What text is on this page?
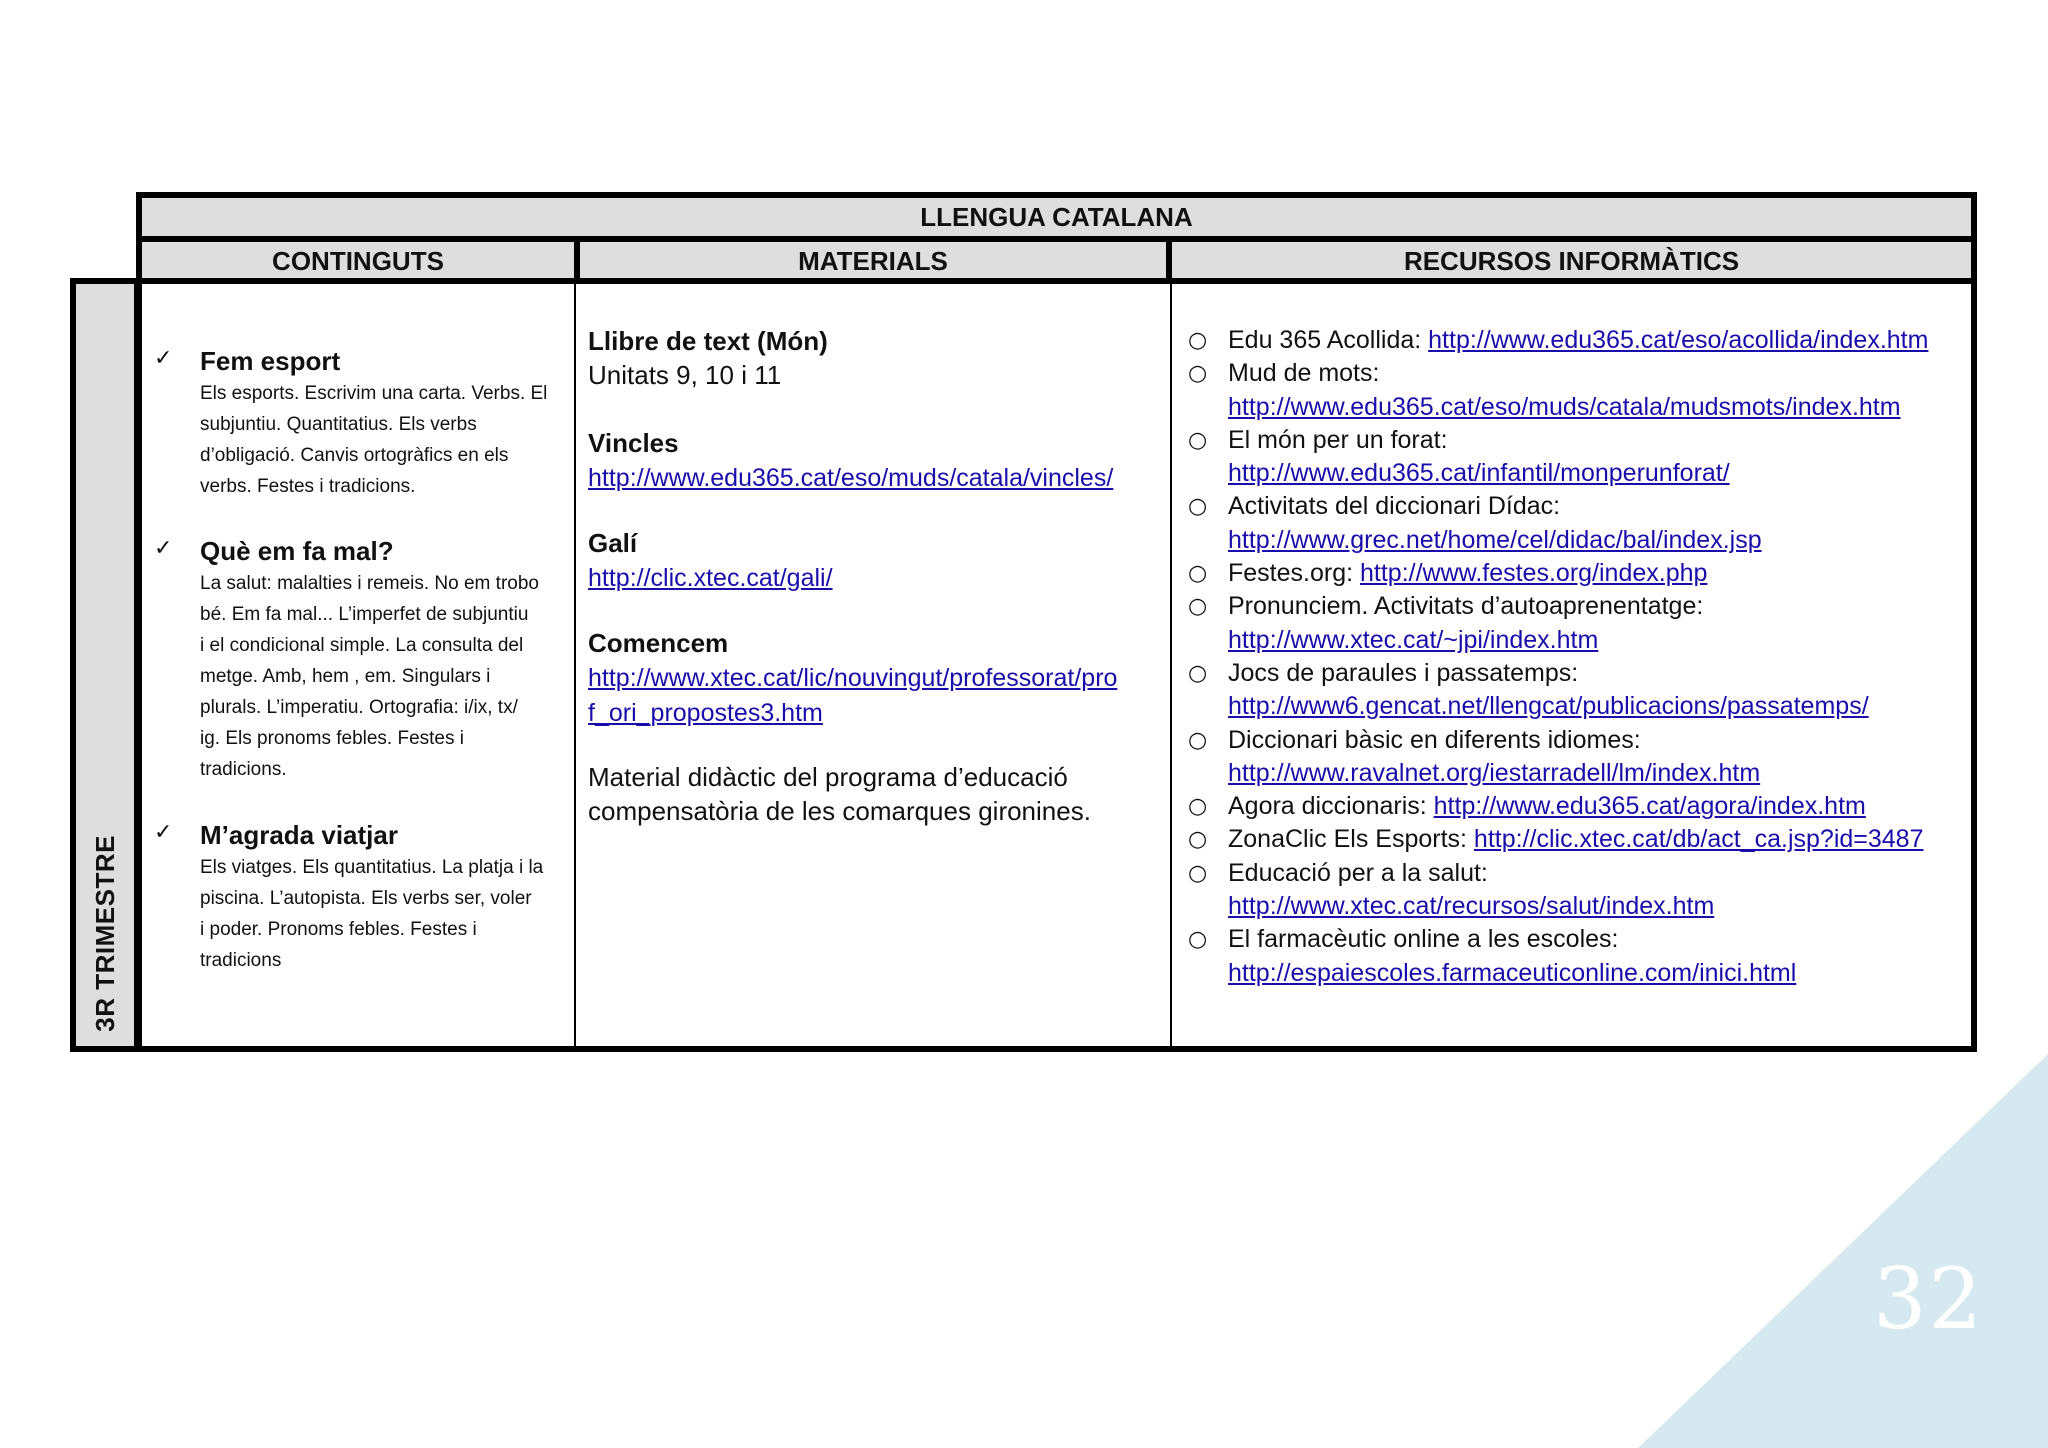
32
LLENGUA CATALANA
CONTINGUTS	MATERIALS	RECURSOS INFORMÀTICS
3R TRIMESTRE
✓ Fem esport
Els esports. Escrivim una carta. Verbs. El
subjuntiu. Quantitatius. Els verbs
d’obligació. Canvis ortogràfics en els
verbs. Festes i tradicions.
✓ Què em fa mal?
La salut: malalties i remeis. No em trobo
bé. Em fa mal... L’imperfet de subjuntiu
i el condicional simple. La consulta del
metge. Amb, hem , em. Singulars i
plurals. L’imperatiu. Ortografia: i/ix, tx/
ig. Els pronoms febles. Festes i
tradicions.
✓ M’agrada viatjar
Els viatges. Els quantitatius. La platja i la
piscina. L’autopista. Els verbs ser, voler
i poder. Pronoms febles. Festes i
tradicions
Llibre de text (Món)
Unitats 9, 10 i 11
Vincles
http://www.edu365.cat/eso/muds/catala/vincles/
Galí
http://clic.xtec.cat/gali/
Comencem
http://www.xtec.cat/lic/nouvingut/professorat/pro
f_ori_propostes3.htm
Material didàctic del programa d’educació
compensatòria de les comarques gironines.
○ Edu 365 Acollida: http://www.edu365.cat/eso/acollida/index.htm
○ Mud de mots:
http://www.edu365.cat/eso/muds/catala/mudsmots/index.htm
○ El món per un forat:
http://www.edu365.cat/infantil/monperunforat/
○ Activitats del diccionari Dídac:
http://www.grec.net/home/cel/didac/bal/index.jsp
○ Festes.org: http://www.festes.org/index.php
○ Pronunciem. Activitats d’autoaprenentatge:
http://www.xtec.cat/~jpi/index.htm
○ Jocs de paraules i passatemps:
http://www6.gencat.net/llengcat/publicacions/passatemps/
○ Diccionari bàsic en diferents idiomes:
http://www.ravalnet.org/iestarradell/lm/index.htm
○ Agora diccionaris: http://www.edu365.cat/agora/index.htm
○ ZonaClic Els Esports: http://clic.xtec.cat/db/act_ca.jsp?id=3487
○ Educació per a la salut:
http://www.xtec.cat/recursos/salut/index.htm
○ El farmacèutic online a les escoles:
http://espaiescoles.farmaceuticonline.com/inici.html
